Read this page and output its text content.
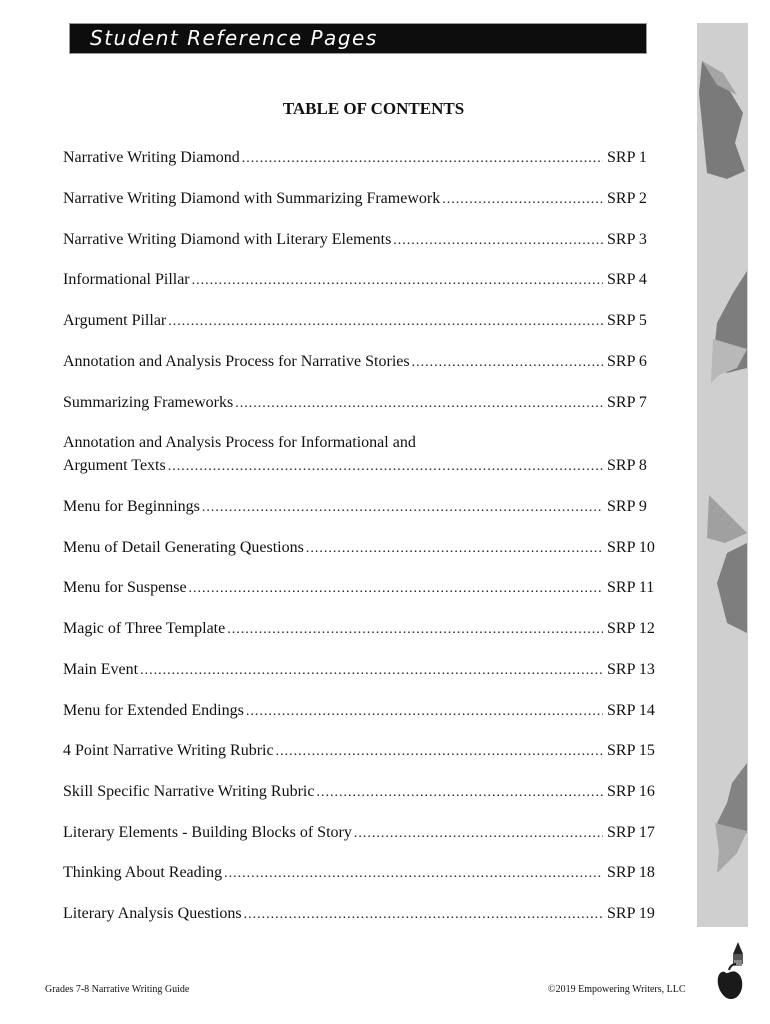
Student Reference Pages
TABLE OF CONTENTS
Narrative Writing Diamond .....	SRP 1
Narrative Writing Diamond with Summarizing Framework .....	SRP 2
Narrative Writing Diamond with Literary Elements .....	SRP 3
Informational Pillar .....	SRP 4
Argument Pillar .....	SRP 5
Annotation and Analysis Process for Narrative Stories .....	SRP 6
Summarizing Frameworks .....	SRP 7
Annotation and Analysis Process for Informational and
Argument Texts .....	SRP 8
Menu for Beginnings .....	SRP 9
Menu of Detail Generating Questions .....	SRP 10
Menu for Suspense .....	SRP 11
Magic of Three Template .....	SRP 12
Main Event .....	SRP 13
Menu for Extended Endings .....	SRP 14
4 Point Narrative Writing Rubric .....	SRP 15
Skill Specific Narrative Writing Rubric .....	SRP 16
Literary Elements - Building Blocks of Story .....	SRP 17
Thinking About Reading .....	SRP 18
Literary Analysis Questions .....	SRP 19
Grades 7-8 Narrative Writing Guide	©2019 Empowering Writers, LLC
